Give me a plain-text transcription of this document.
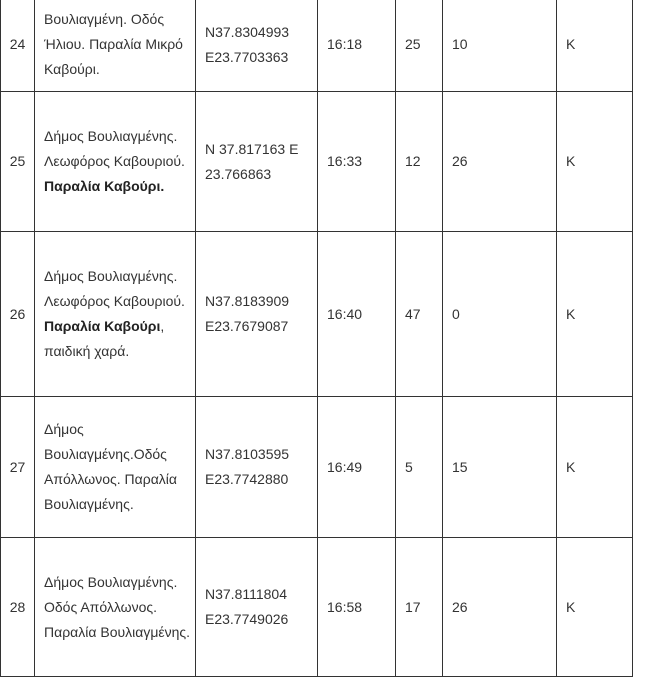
24	Βουλιαγμένη. Οδός Ήλιου. Παραλία Μικρό Καβούρι.	N37.8304993 E23.7703363	16:18	25	10	Κ
25	Δήμος Βουλιαγμένης. Λεωφόρος Καβουριού. Παραλία Καβούρι.	N 37.817163 E 23.766863	16:33	12	26	Κ
26	Δήμος Βουλιαγμένης. Λεωφόρος Καβουριού. Παραλία Καβούρι, παιδική χαρά.	N37.8183909 E23.7679087	16:40	47	0	Κ
27	Δήμος Βουλιαγμένης.Οδός Απόλλωνος. Παραλία Βουλιαγμένης.	N37.8103595 E23.7742880	16:49	5	15	Κ
28	Δήμος Βουλιαγμένης. Οδός Απόλλωνος. Παραλία Βουλιαγμένης.	N37.8111804 E23.7749026	16:58	17	26	Κ
